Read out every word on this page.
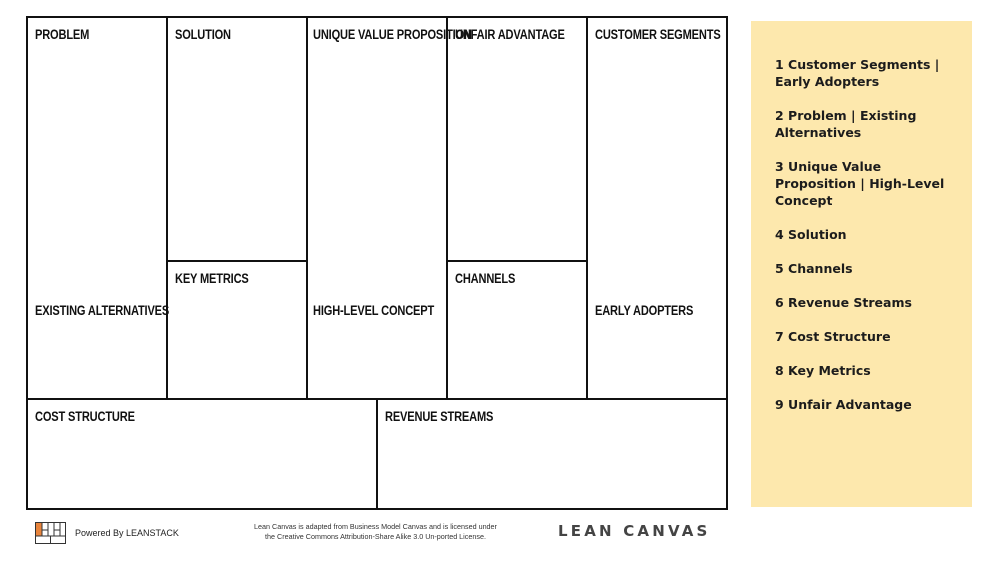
PROBLEM
EXISTING ALTERNATIVES
SOLUTION
KEY METRICS
UNIQUE VALUE PROPOSITION
HIGH-LEVEL CONCEPT
UNFAIR ADVANTAGE
CHANNELS
CUSTOMER SEGMENTS
EARLY ADOPTERS
COST STRUCTURE	REVENUE STREAMS
1 Customer Segments | Early Adopters
2 Problem | Existing Alternatives
3 Unique Value Proposition | High-Level Concept
4 Solution
5 Channels
6 Revenue Streams
7 Cost Structure
8 Key Metrics
9 Unfair Advantage
Powered By LEANSTACK
Lean Canvas is adapted from Business Model Canvas and is licensed under
the Creative Commons Attribution-Share Alike 3.0 Un-ported License.	LEAN CANVAS
